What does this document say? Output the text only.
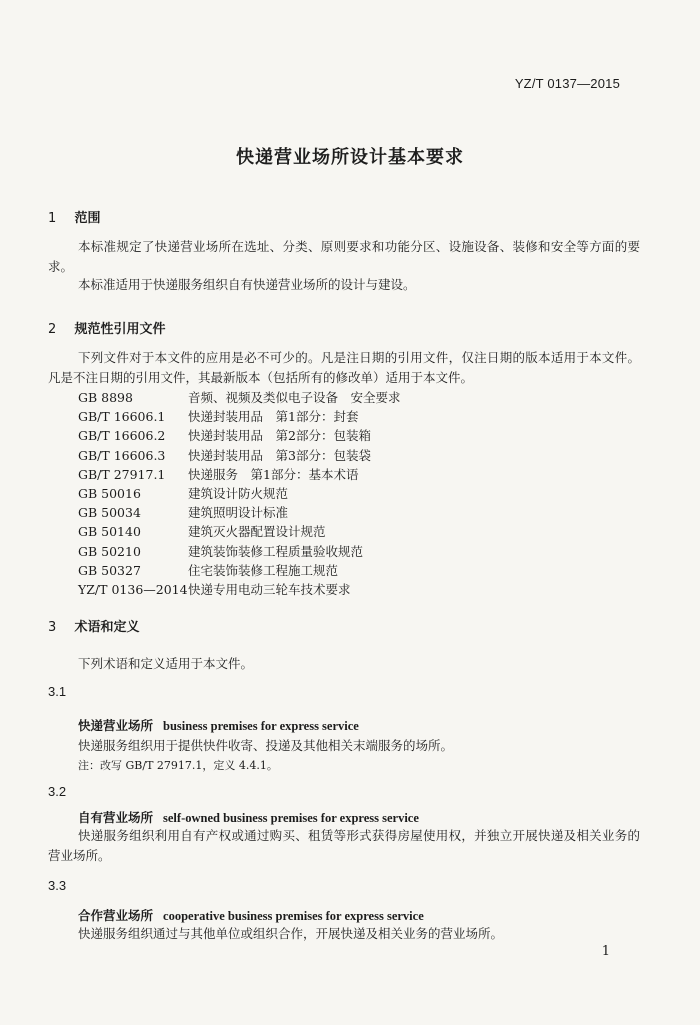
YZ/T 0137—2015
快递营业场所设计基本要求
1 范围
本标准规定了快递营业场所在选址、分类、原则要求和功能分区、设施设备、装修和安全等方面的要求。
本标准适用于快递服务组织自有快递营业场所的设计与建设。
2 规范性引用文件
下列文件对于本文件的应用是必不可少的。凡是注日期的引用文件，仅注日期的版本适用于本文件。凡是不注日期的引用文件，其最新版本（包括所有的修改单）适用于本文件。
GB 8898	音频、视频及类似电子设备　安全要求
GB/T 16606.1 快递封装用品　第1部分：封套
GB/T 16606.2 快递封装用品　第2部分：包装箱
GB/T 16606.3 快递封装用品　第3部分：包装袋
GB/T 27917.1 快递服务　第1部分：基本术语
GB 50016	建筑设计防火规范
GB 50034	建筑照明设计标准
GB 50140	建筑灭火器配置设计规范
GB 50210	建筑装饰装修工程质量验收规范
GB 50327	住宅装饰装修工程施工规范
YZ/T 0136—2014快递专用电动三轮车技术要求
3 术语和定义
下列术语和定义适用于本文件。
3.1
快递营业场所 business premises for express service
快递服务组织用于提供快件收寄、投递及其他相关末端服务的场所。
注：改写 GB/T 27917.1，定义 4.4.1。
3.2
自有营业场所 self-owned business premises for express service
快递服务组织利用自有产权或通过购买、租赁等形式获得房屋使用权，并独立开展快递及相关业务的营业场所。
3.3
合作营业场所 cooperative business premises for express service
快递服务组织通过与其他单位或组织合作，开展快递及相关业务的营业场所。
1
